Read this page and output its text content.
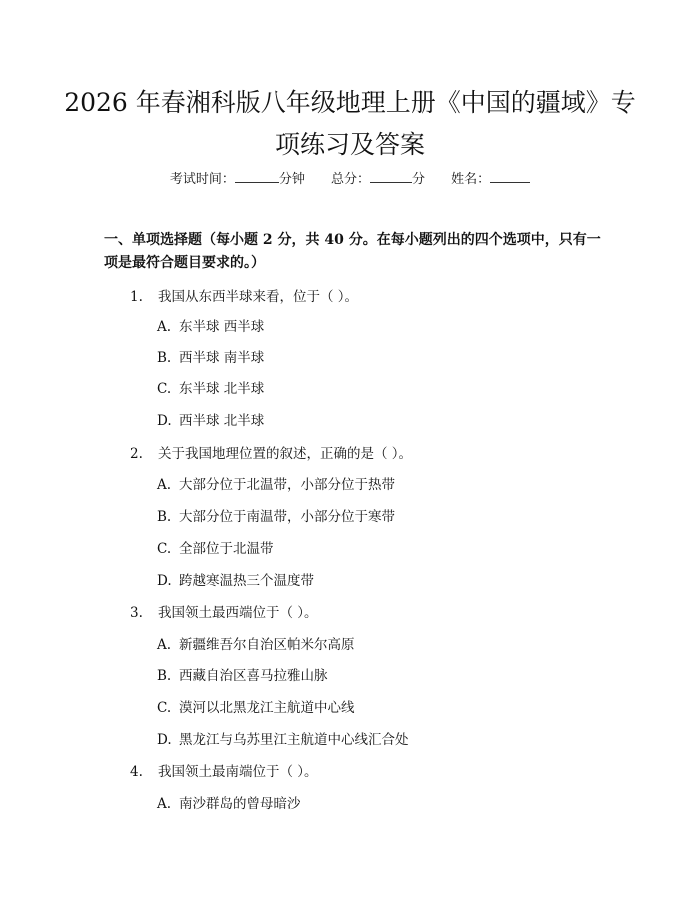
2026 年春湘科版八年级地理上册《中国的疆域》专项练习及答案
考试时间：	分钟 总分：	分 姓名：

一、单项选择题（每小题 2 分，共 40 分。在每小题列出的四个选项中，只有一项是最符合题目要求的。）

1. 我国从东西半球来看，位于（ ）。
A. 东半球 西半球
B. 西半球 南半球
C. 东半球 北半球
D. 西半球 北半球
2. 关于我国地理位置的叙述，正确的是（ ）。
A. 大部分位于北温带，小部分位于热带
B. 大部分位于南温带，小部分位于寒带
C. 全部位于北温带
D. 跨越寒温热三个温度带
3. 我国领土最西端位于（ ）。
A. 新疆维吾尔自治区帕米尔高原
B. 西藏自治区喜马拉雅山脉
C. 漠河以北黑龙江主航道中心线
D. 黑龙江与乌苏里江主航道中心线汇合处
4. 我国领土最南端位于（ ）。
A. 南沙群岛的曾母暗沙
